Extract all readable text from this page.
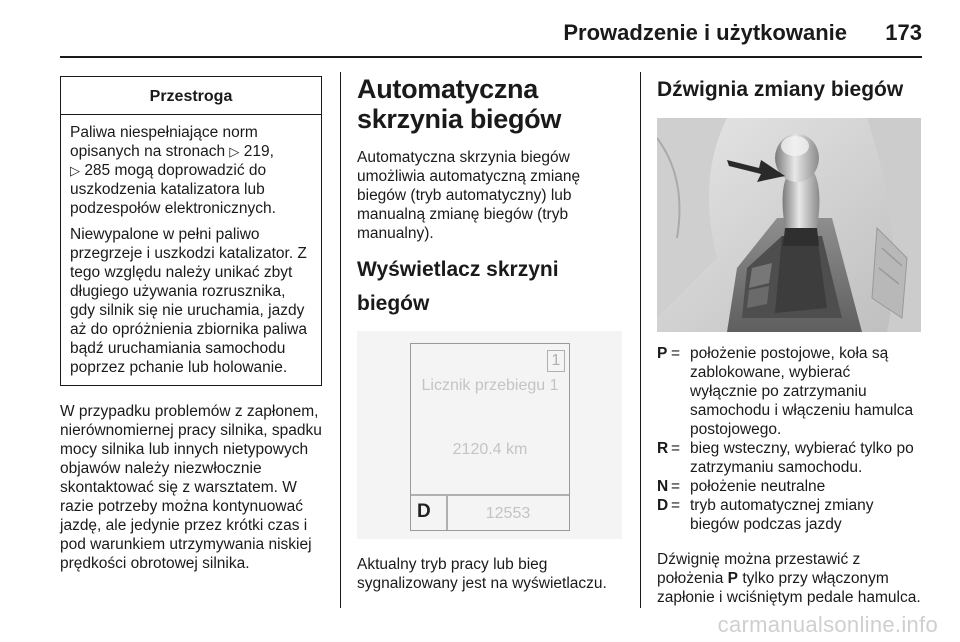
Prowadzenie i użytkowanie 173
Przestroga

Paliwa niespełniające norm opisanych na stronach ▷ 219,
▷ 285 mogą doprowadzić do uszkodzenia katalizatora lub podzespołów elektronicznych.

Niewypalone w pełni paliwo przegrzeje i uszkodzi katalizator. Z tego względu należy unikać zbyt długiego używania rozrusznika, gdy silnik się nie uruchamia, jazdy aż do opróżnienia zbiornika paliwa bądź uruchamiania samochodu poprzez pchanie lub holowanie.

W przypadku problemów z zapłonem, nierównomiernej pracy silnika, spadku mocy silnika lub innych nietypowych objawów należy niezwłocznie skontaktować się z warsztatem. W razie potrzeby można kontynuować jazdę, ale jedynie przez krótki czas i pod warunkiem utrzymywania niskiej prędkości obrotowej silnika.

Automatyczna skrzynia biegów

Automatyczna skrzynia biegów umożliwia automatyczną zmianę biegów (tryb automatyczny) lub manualną zmianę biegów (tryb manualny).

Wyświetlacz skrzyni biegów
1
Licznik przebiegu 1
2120.4 km
D	12553

Aktualny tryb pracy lub bieg sygnalizowany jest na wyświetlaczu.

Dźwignia zmiany biegów
P = położenie postojowe, koła są zablokowane, wybierać wyłącznie po zatrzymaniu samochodu i włączeniu hamulca postojowego.
R = bieg wsteczny, wybierać tylko po zatrzymaniu samochodu.
N = położenie neutralne
D = tryb automatycznej zmiany biegów podczas jazdy

Dźwignię można przestawić z położenia P tylko przy włączonym zapłonie i wciśniętym pedale hamulca.

carmanualsonline.info
